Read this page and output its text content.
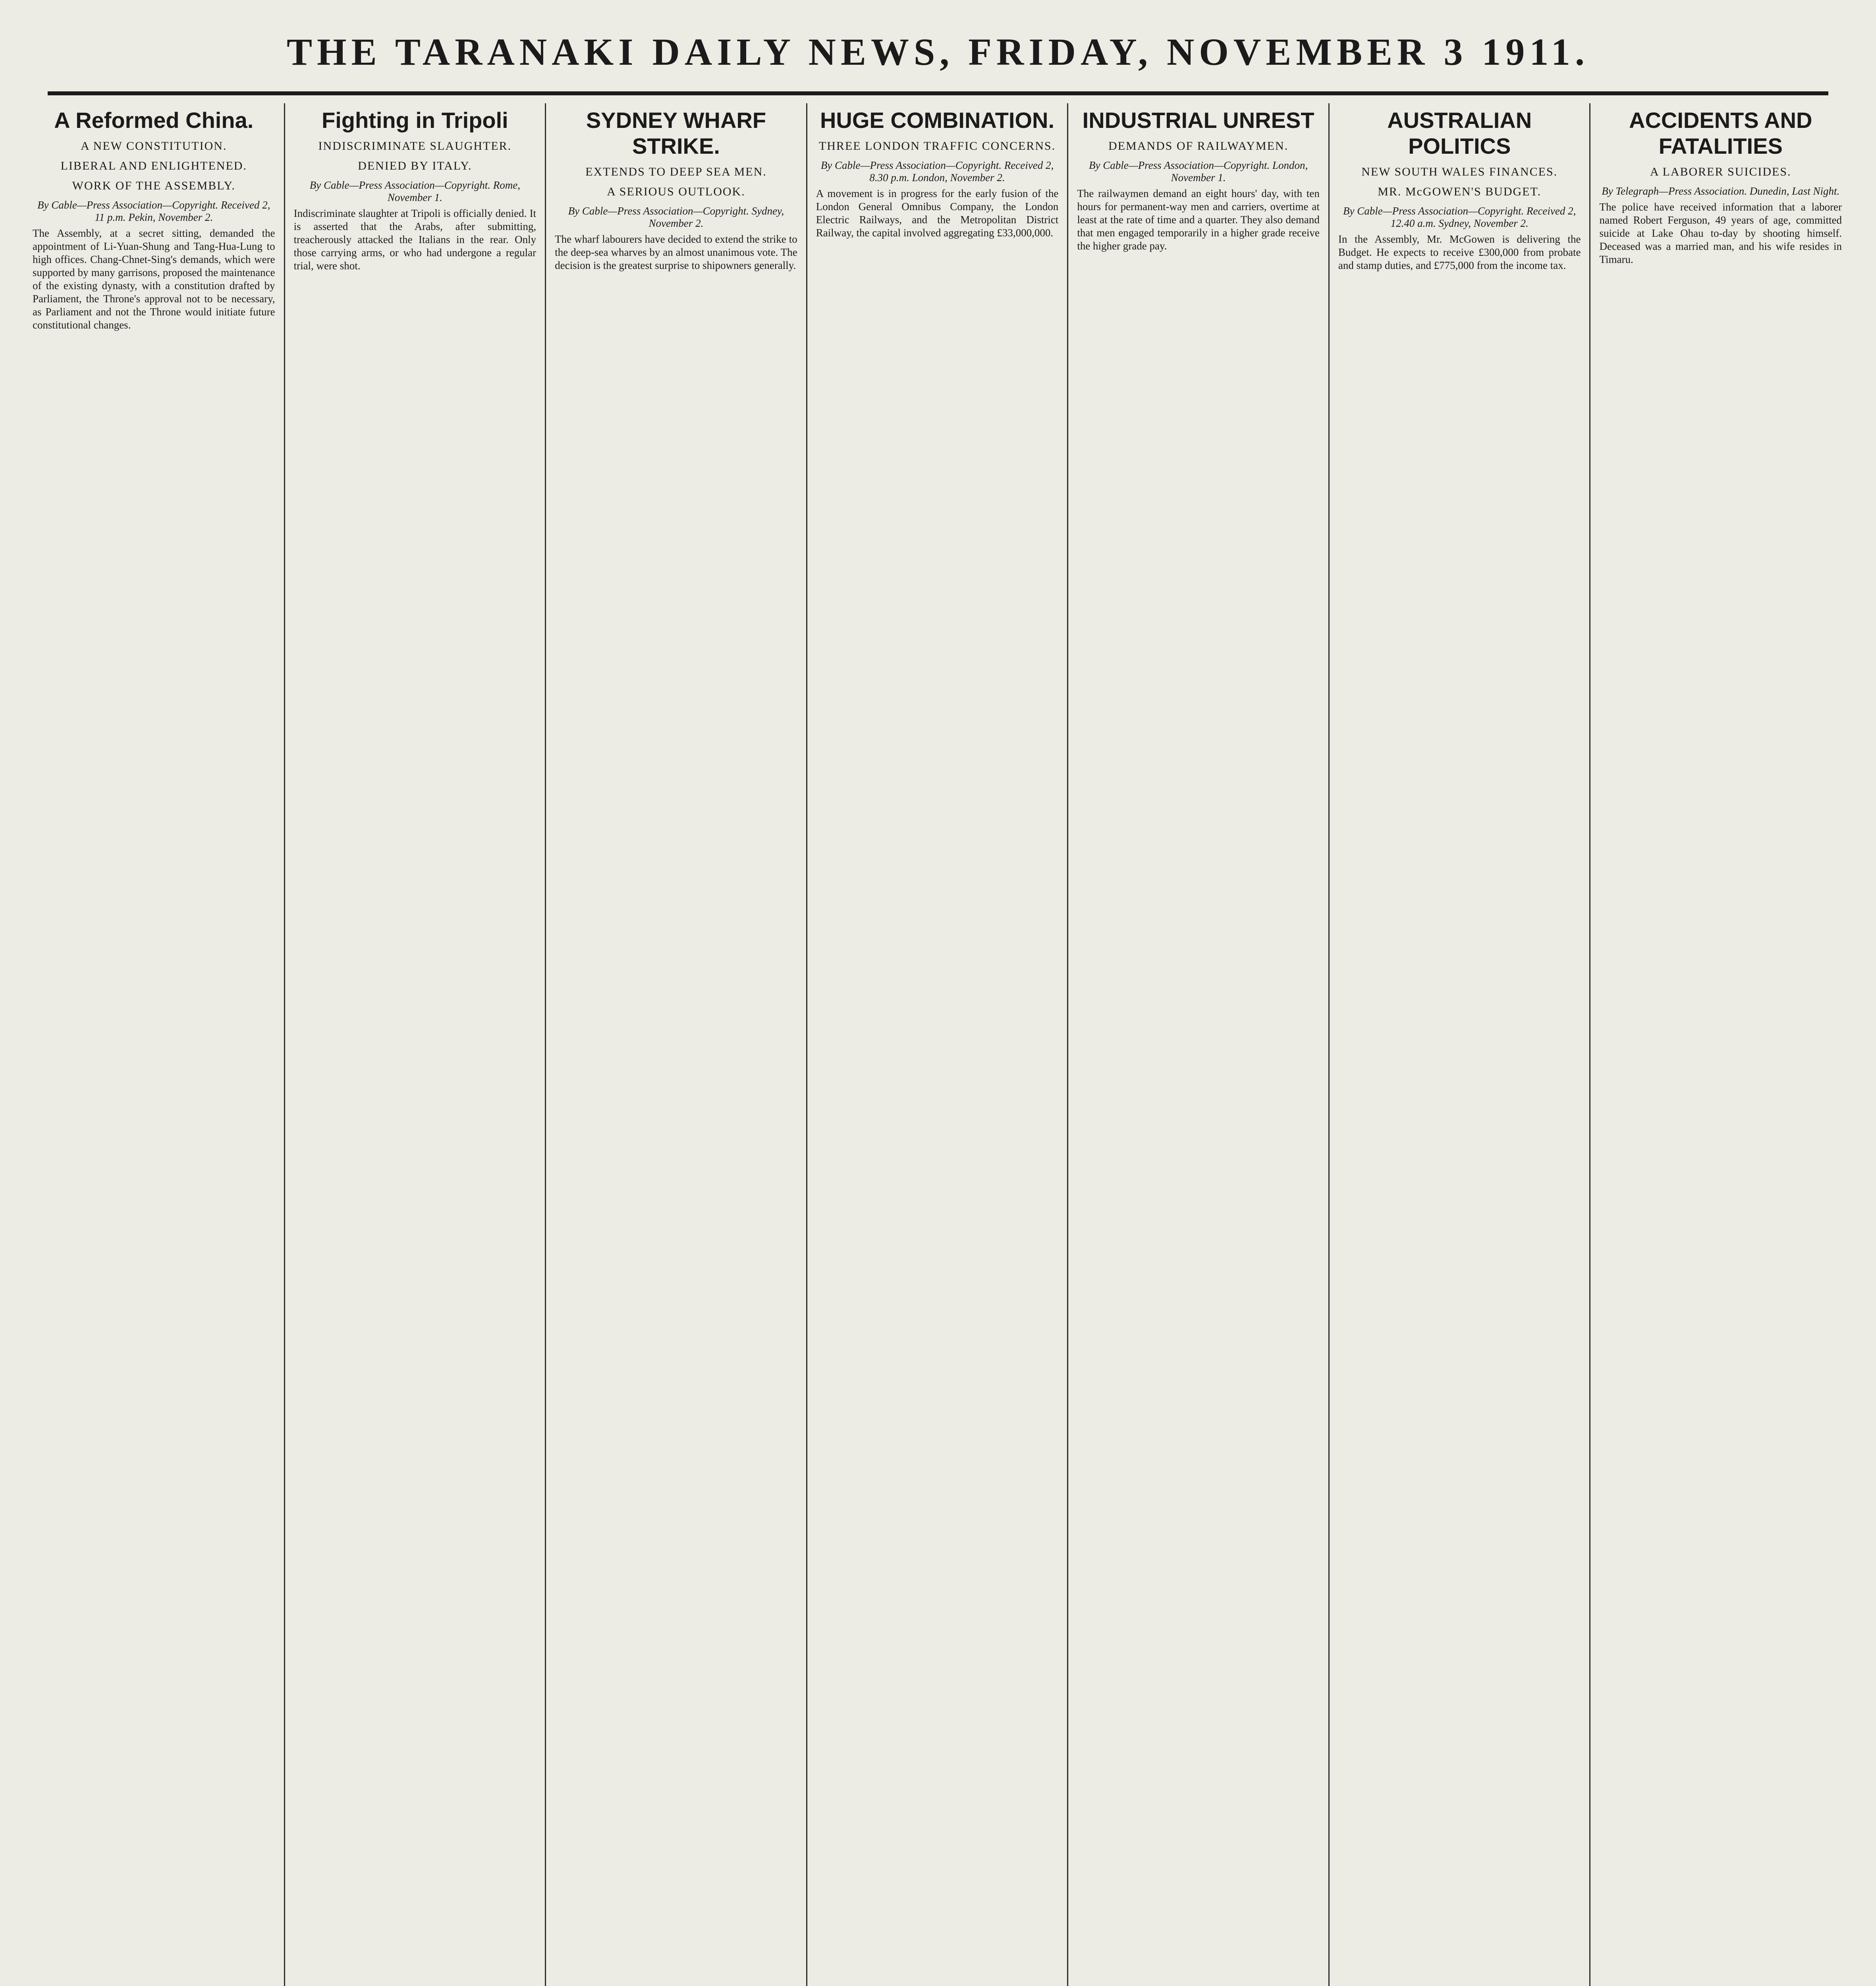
THE TARANAKI DAILY NEWS, FRIDAY, NOVEMBER 3 1911.
A Reformed China.
A NEW CONSTITUTION.
LIBERAL AND ENLIGHTENED.
WORK OF THE ASSEMBLY.
By Cable—Press Association—Copyright. Received 2, 11 p.m. Pekin, November 2.

The Assembly, at a secret sitting, demanded the appointment of Li-Yuan-Shung and Tang-Hua-Lung to high offices. Chang-Chnet-Sing's demands, which were supported by many garrisons, proposed the maintenance of the existing dynasty, with a constitution drafted by Parliament, the Throne's approval not to be necessary, as Parliament and not the Throne would initiate future constitutional changes.

Fighting in Tripoli
INDISCRIMINATE SLAUGHTER.
DENIED BY ITALY.
By Cable—Press Association—Copyright. Rome, November 1.

Indiscriminate slaughter at Tripoli is officially denied. It is asserted that the Arabs, after submitting, treacherously attacked the Italians in the rear. Only those carrying arms, or who had undergone a regular trial, were shot.

SYDNEY WHARF STRIKE.
EXTENDS TO DEEP SEA MEN.
A SERIOUS OUTLOOK.
By Cable—Press Association—Copyright. Sydney, November 2.

The wharf labourers have decided to extend the strike to the deep-sea wharves by an almost unanimous vote. The decision is the greatest surprise to shipowners generally.

HUGE COMBINATION.
THREE LONDON TRAFFIC CONCERNS.
By Cable—Press Association—Copyright. Received 2, 8.30 p.m. London, November 2.

A movement is in progress for the early fusion of the London General Omnibus Company, the London Electric Railways, and the Metropolitan District Railway, the capital involved aggregating £33,000,000.

INDUSTRIAL UNREST
DEMANDS OF RAILWAYMEN.
By Cable—Press Association—Copyright. London, November 1.

The railwaymen demand an eight hours' day, with ten hours for permanent-way men and carriers, overtime at least at the rate of time and a quarter. They also demand that men engaged temporarily in a higher grade receive the higher grade pay.

AUSTRALIAN POLITICS
NEW SOUTH WALES FINANCES.
MR. McGOWEN'S BUDGET.
By Cable—Press Association—Copyright. Received 2, 12.40 a.m. Sydney, November 2.

In the Assembly, Mr. McGowen is delivering the Budget. He expects to receive £300,000 from probate and stamp duties, and £775,000 from the income tax.

ACCIDENTS AND FATALITIES
A LABORER SUICIDES.
By Telegraph—Press Association. Dunedin, Last Night.

The police have received information that a laborer named Robert Ferguson, 49 years of age, committed suicide at Lake Ohau to-day by shooting himself. Deceased was a married man, and his wife resides in Timaru.
